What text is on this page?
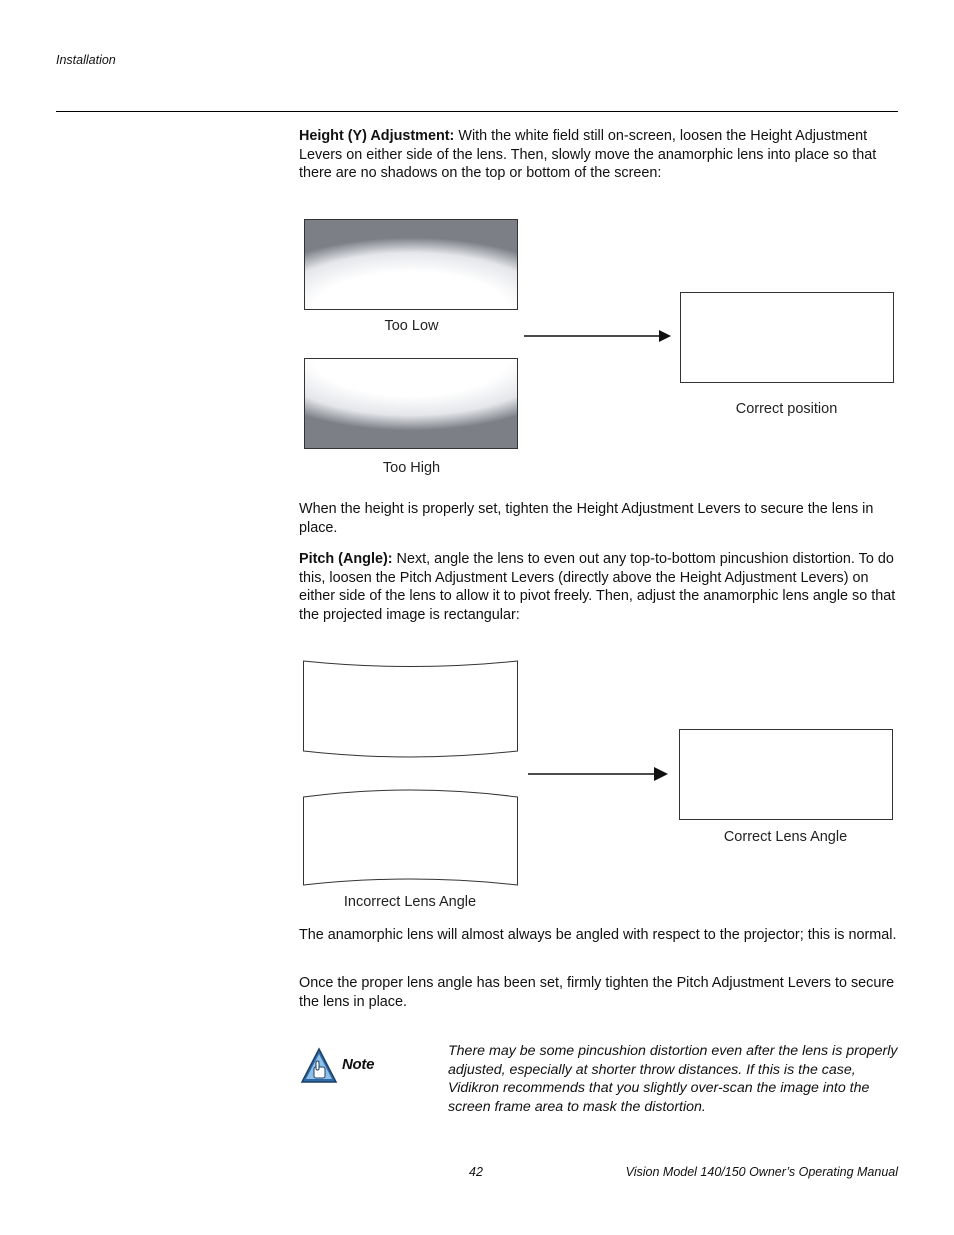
Installation
Height (Y) Adjustment: With the white field still on-screen, loosen the Height Adjustment Levers on either side of the lens. Then, slowly move the anamorphic lens into place so that there are no shadows on the top or bottom of the screen:
Too Low
Too High
Correct position
When the height is properly set, tighten the Height Adjustment Levers to secure the lens in place.
Pitch (Angle): Next, angle the lens to even out any top-to-bottom pincushion distortion. To do this, loosen the Pitch Adjustment Levers (directly above the Height Adjustment Levers) on either side of the lens to allow it to pivot freely. Then, adjust the anamorphic lens angle so that the projected image is rectangular:
Incorrect Lens Angle
Correct Lens Angle
The anamorphic lens will almost always be angled with respect to the projector; this is normal.
Once the proper lens angle has been set, firmly tighten the Pitch Adjustment Levers to secure the lens in place.
Note
There may be some pincushion distortion even after the lens is properly adjusted, especially at shorter throw distances. If this is the case, Vidikron recommends that you slightly over-scan the image into the screen frame area to mask the distortion.
42	Vision Model 140/150 Owner’s Operating Manual
